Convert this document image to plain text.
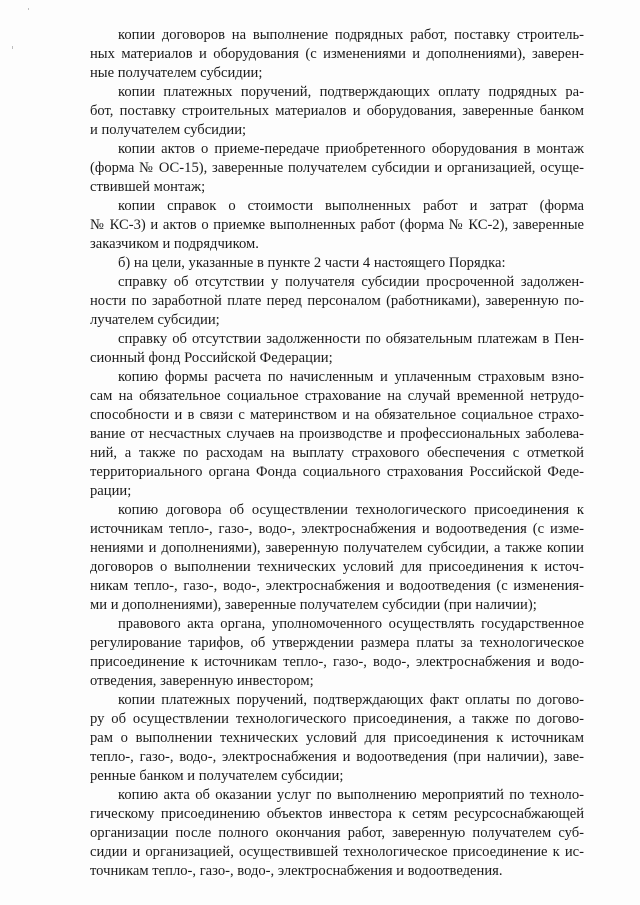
копии договоров на выполнение подрядных работ, поставку строитель-
ных материалов и оборудования (с изменениями и дополнениями), заверен-
ные получателем субсидии;
копии платежных поручений, подтверждающих оплату подрядных ра-
бот, поставку строительных материалов и оборудования, заверенные банком
и получателем субсидии;
копии актов о приеме-передаче приобретенного оборудования в монтаж
(форма № ОС-15), заверенные получателем субсидии и организацией, осуще-
ствившей монтаж;
копии справок о стоимости выполненных работ и затрат (форма
№ КС-3) и актов о приемке выполненных работ (форма № КС-2), заверенные
заказчиком и подрядчиком.
б) на цели, указанные в пункте 2 части 4 настоящего Порядка:
справку об отсутствии у получателя субсидии просроченной задолжен-
ности по заработной плате перед персоналом (работниками), заверенную по-
лучателем субсидии;
справку об отсутствии задолженности по обязательным платежам в Пен-
сионный фонд Российской Федерации;
копию формы расчета по начисленным и уплаченным страховым взно-
сам на обязательное социальное страхование на случай временной нетрудо-
способности и в связи с материнством и на обязательное социальное страхо-
вание от несчастных случаев на производстве и профессиональных заболева-
ний, а также по расходам на выплату страхового обеспечения с отметкой
территориального органа Фонда социального страхования Российской Феде-
рации;
копию договора об осуществлении технологического присоединения к
источникам тепло-, газо-, водо-, электроснабжения и водоотведения (с изме-
нениями и дополнениями), заверенную получателем субсидии, а также копии
договоров о выполнении технических условий для присоединения к источ-
никам тепло-, газо-, водо-, электроснабжения и водоотведения (с изменения-
ми и дополнениями), заверенные получателем субсидии (при наличии);
правового акта органа, уполномоченного осуществлять государственное
регулирование тарифов, об утверждении размера платы за технологическое
присоединение к источникам тепло-, газо-, водо-, электроснабжения и водо-
отведения, заверенную инвестором;
копии платежных поручений, подтверждающих факт оплаты по догово-
ру об осуществлении технологического присоединения, а также по догово-
рам о выполнении технических условий для присоединения к источникам
тепло-, газо-, водо-, электроснабжения и водоотведения (при наличии), заве-
ренные банком и получателем субсидии;
копию акта об оказании услуг по выполнению мероприятий по техноло-
гическому присоединению объектов инвестора к сетям ресурсоснабжающей
организации после полного окончания работ, заверенную получателем суб-
сидии и организацией, осуществившей технологическое присоединение к ис-
точникам тепло-, газо-, водо-, электроснабжения и водоотведения.
